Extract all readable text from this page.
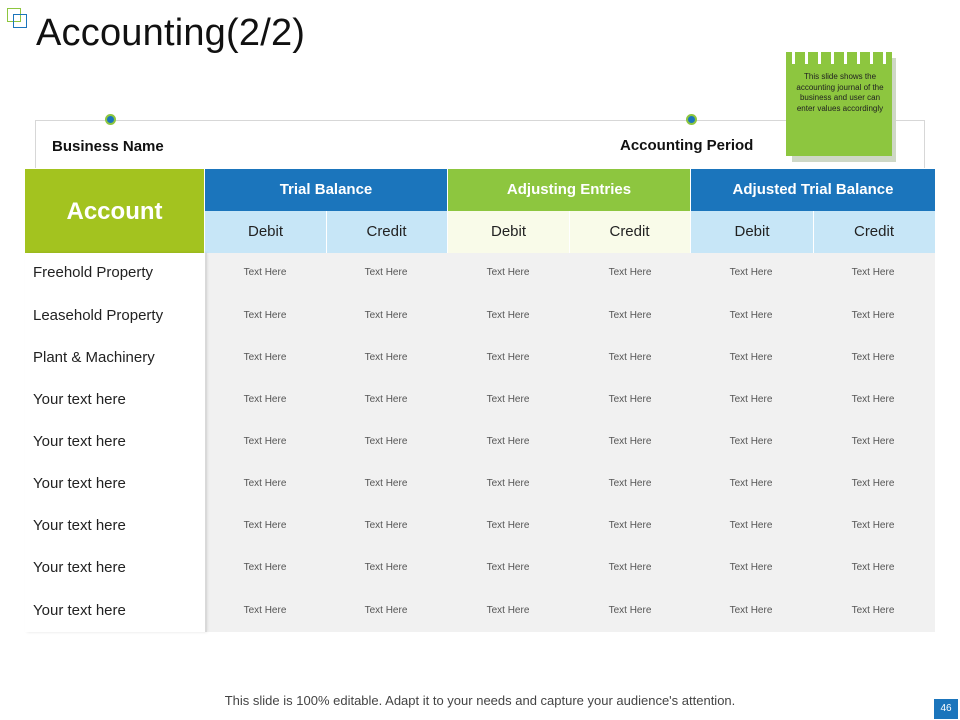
Accounting(2/2)
Business Name	Accounting Period
This slide shows the accounting journal of the business and user can enter values accordingly
Account
Trial Balance	Adjusting Entries	Adjusted Trial Balance
Debit	Credit	Debit	Credit	Debit	Credit
Freehold Property	Text Here	Text Here	Text Here	Text Here	Text Here	Text Here
Leasehold Property	Text Here	Text Here	Text Here	Text Here	Text Here	Text Here
Plant & Machinery	Text Here	Text Here	Text Here	Text Here	Text Here	Text Here
Your text here	Text Here	Text Here	Text Here	Text Here	Text Here	Text Here
Your text here	Text Here	Text Here	Text Here	Text Here	Text Here	Text Here
Your text here	Text Here	Text Here	Text Here	Text Here	Text Here	Text Here
Your text here	Text Here	Text Here	Text Here	Text Here	Text Here	Text Here
Your text here	Text Here	Text Here	Text Here	Text Here	Text Here	Text Here
Your text here	Text Here	Text Here	Text Here	Text Here	Text Here	Text Here
This slide is 100% editable. Adapt it to your needs and capture your audience's attention.
46
